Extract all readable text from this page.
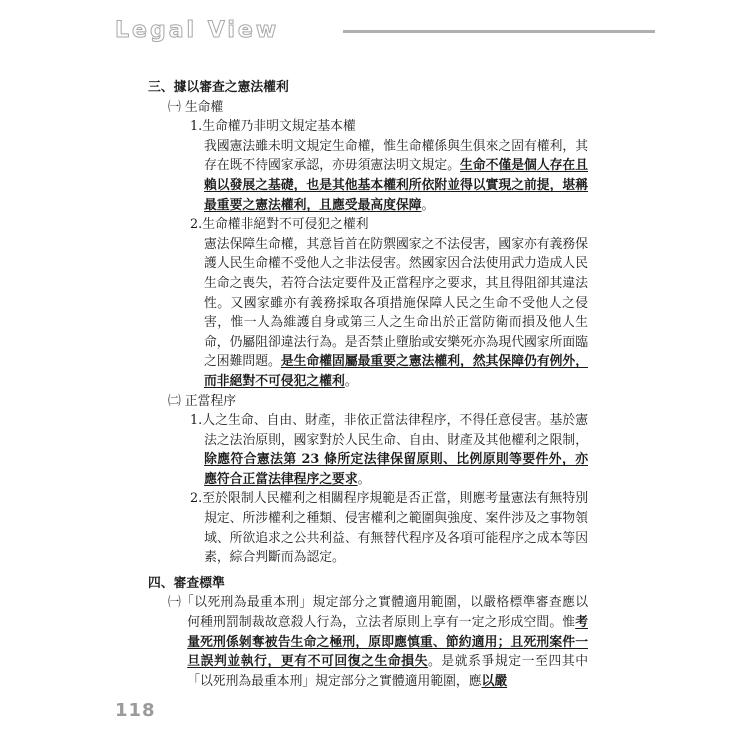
Legal View

三、據以審查之憲法權利

㈠ 生命權

1.生命權乃非明文規定基本權

我國憲法雖未明文規定生命權，惟生命權係與生俱來之固有權利，其存在既不待國家承認，亦毋須憲法明文規定。生命不僅是個人存在且賴以發展之基礎，也是其他基本權利所依附並得以實現之前提，堪稱最重要之憲法權利，且應受最高度保障。

2.生命權非絕對不可侵犯之權利

憲法保障生命權，其意旨首在防禦國家之不法侵害，國家亦有義務保護人民生命權不受他人之非法侵害。然國家因合法使用武力造成人民生命之喪失，若符合法定要件及正當程序之要求，其且得阻卻其違法性。又國家雖亦有義務採取各項措施保障人民之生命不受他人之侵害，惟一人為維護自身或第三人之生命出於正當防衛而損及他人生命，仍屬阻卻違法行為。是否禁止墮胎或安樂死亦為現代國家所面臨之困難問題。是生命權固屬最重要之憲法權利，然其保障仍有例外，而非絕對不可侵犯之權利。

㈡ 正當程序

1.人之生命、自由、財產，非依正當法律程序，不得任意侵害。基於憲法之法治原則，國家對於人民生命、自由、財產及其他權利之限制，除應符合憲法第 23 條所定法律保留原則、比例原則等要件外，亦應符合正當法律程序之要求。

2.至於限制人民權利之相關程序規範是否正當，則應考量憲法有無特別規定、所涉權利之種類、侵害權利之範圍與強度、案件涉及之事物領域、所欲追求之公共利益、有無替代程序及各項可能程序之成本等因素，綜合判斷而為認定。

四、審查標準

㈠「以死刑為最重本刑」規定部分之實體適用範圍，以嚴格標準審查應以何種刑罰制裁故意殺人行為，立法者原則上享有一定之形成空間。惟考量死刑係剝奪被告生命之極刑，原即應慎重、節約適用；且死刑案件一旦誤判並執行，更有不可回復之生命損失。是就系爭規定一至四其中「以死刑為最重本刑」規定部分之實體適用範圍，應以嚴

118
